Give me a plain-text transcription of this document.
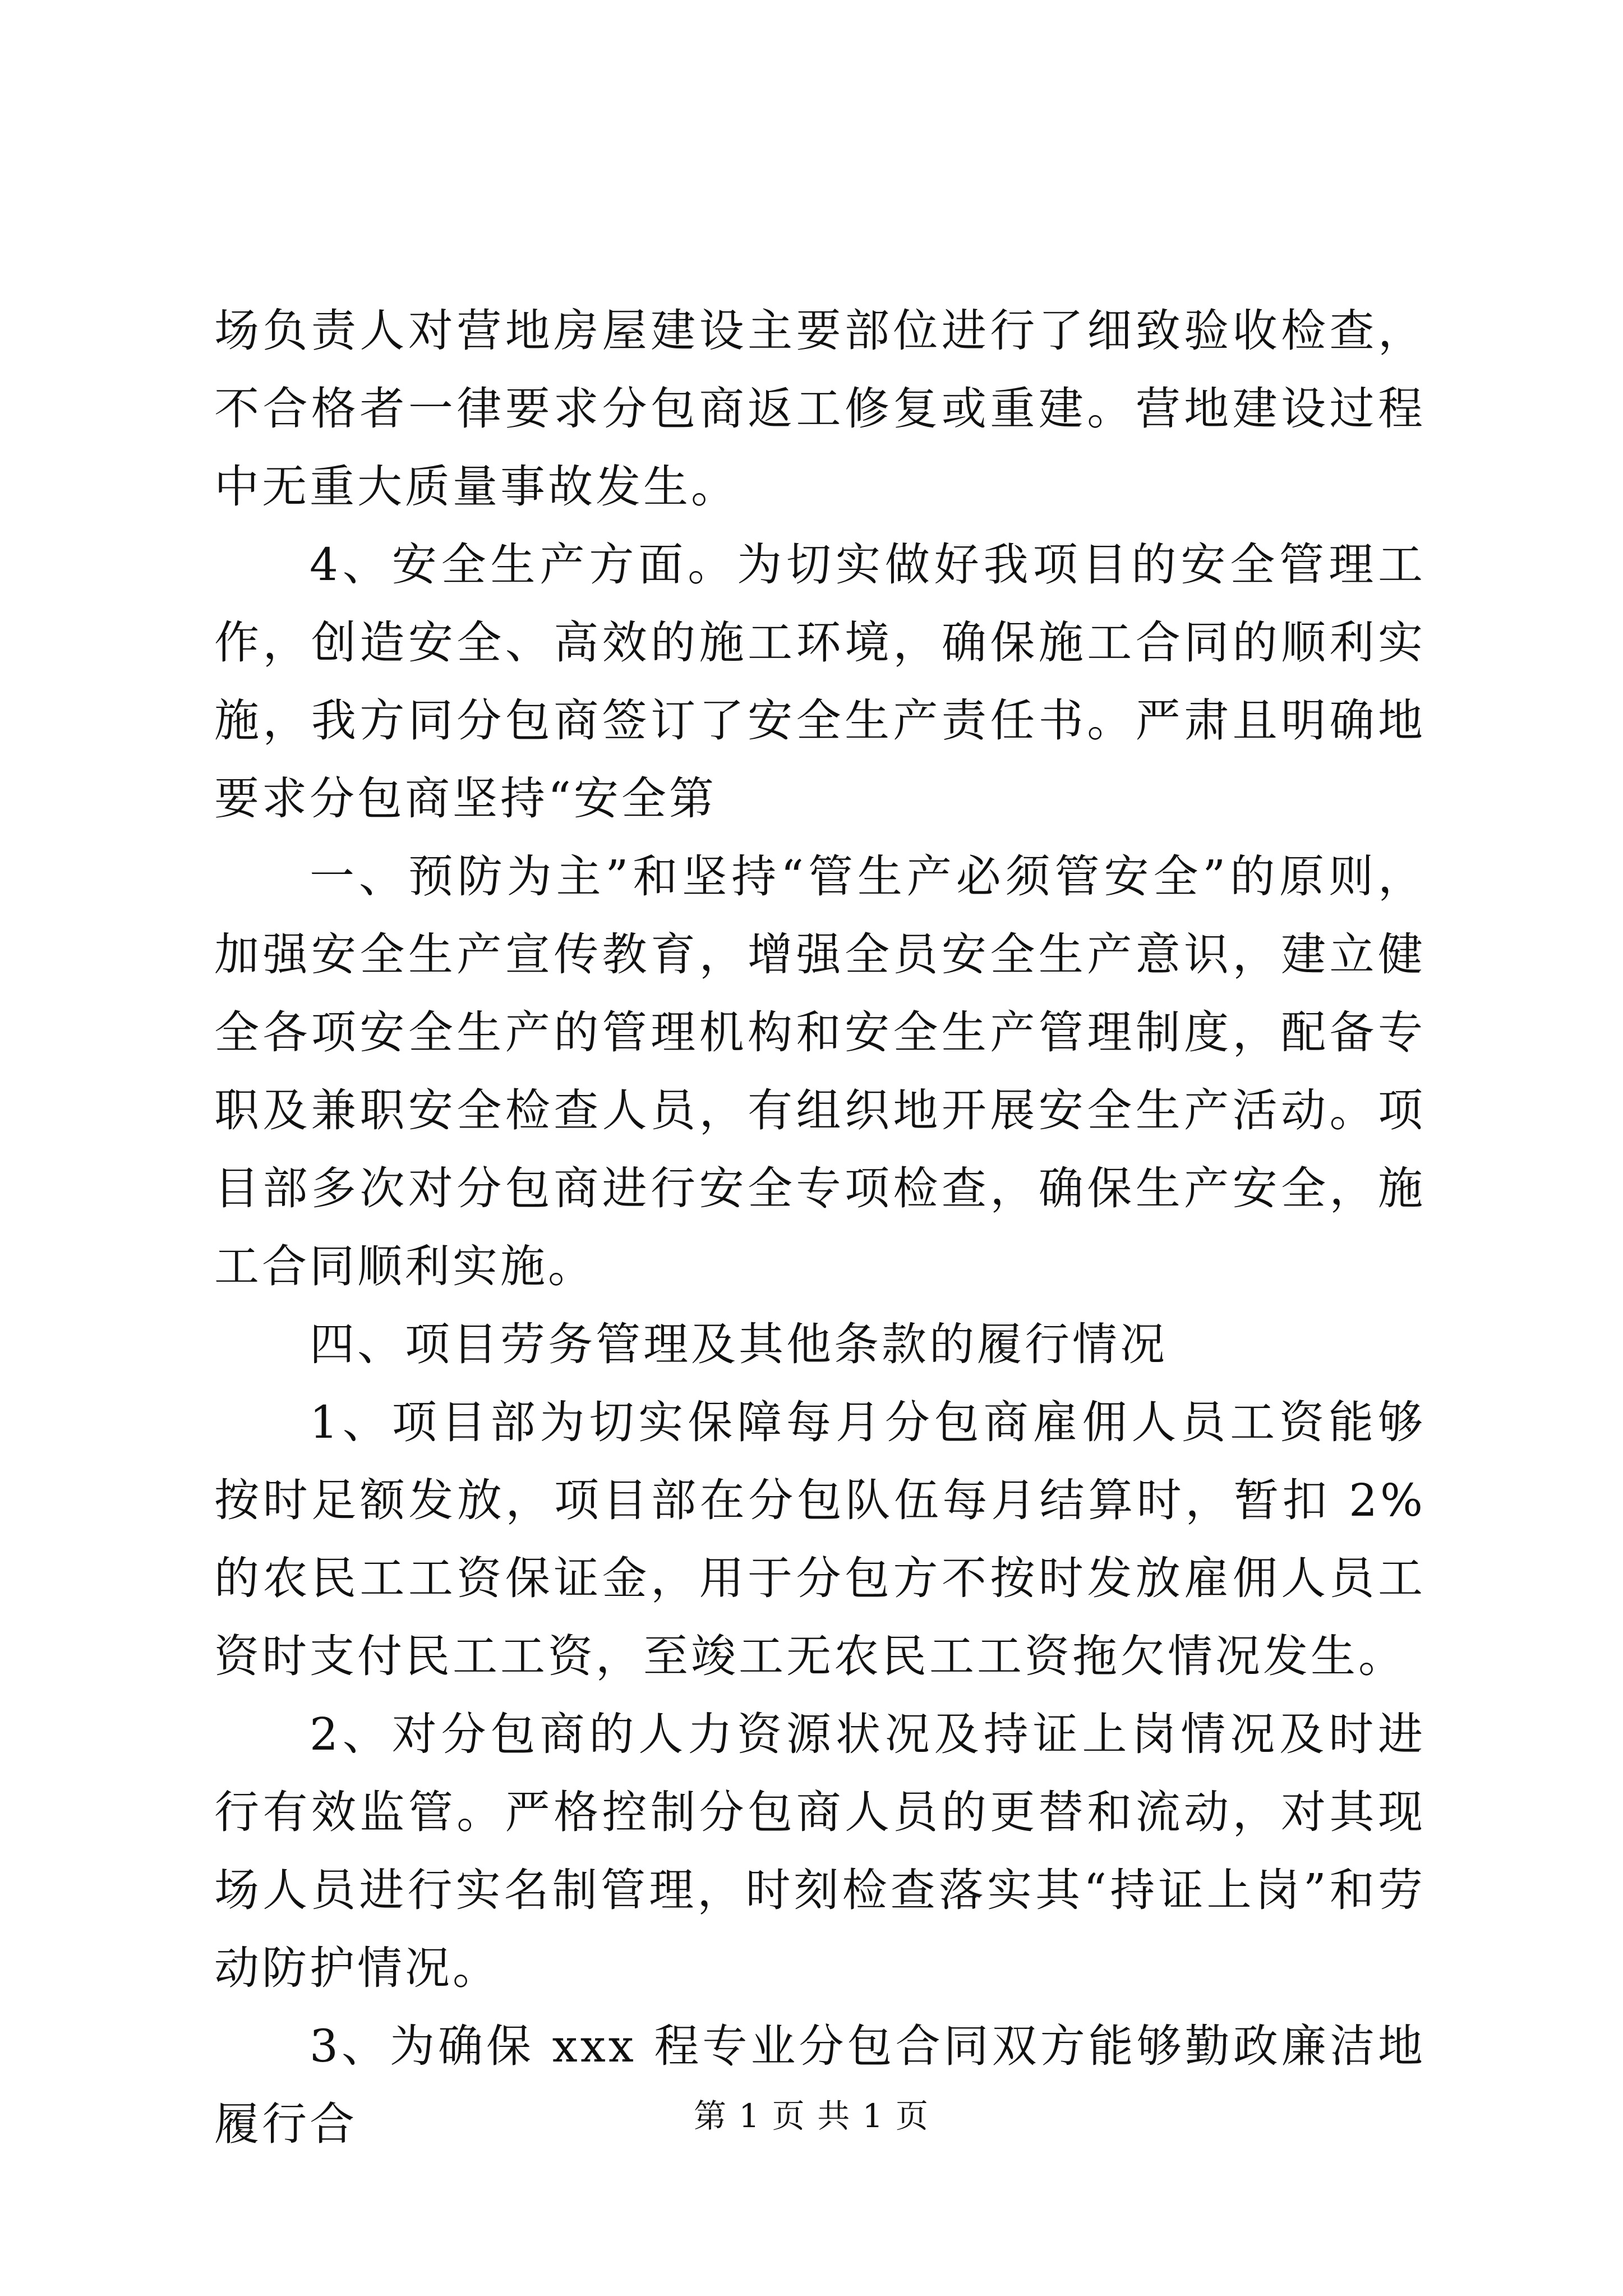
场负责人对营地房屋建设主要部位进行了细致验收检查，不合格者一律要求分包商返工修复或重建。营地建设过程中无重大质量事故发生。

4、安全生产方面。为切实做好我项目的安全管理工作，创造安全、高效的施工环境，确保施工合同的顺利实施，我方同分包商签订了安全生产责任书。严肃且明确地要求分包商坚持“安全第

一、预防为主”和坚持“管生产必须管安全”的原则，加强安全生产宣传教育，增强全员安全生产意识，建立健全各项安全生产的管理机构和安全生产管理制度，配备专职及兼职安全检查人员，有组织地开展安全生产活动。项目部多次对分包商进行安全专项检查，确保生产安全，施工合同顺利实施。

四、项目劳务管理及其他条款的履行情况

1、项目部为切实保障每月分包商雇佣人员工资能够按时足额发放，项目部在分包队伍每月结算时，暂扣 2%的农民工工资保证金，用于分包方不按时发放雇佣人员工资时支付民工工资，至竣工无农民工工资拖欠情况发生。

2、对分包商的人力资源状况及持证上岗情况及时进行有效监管。严格控制分包商人员的更替和流动，对其现场人员进行实名制管理，时刻检查落实其“持证上岗”和劳动防护情况。

3、为确保 xxx 程专业分包合同双方能够勤政廉洁地履行合	第 1 页 共 1 页
